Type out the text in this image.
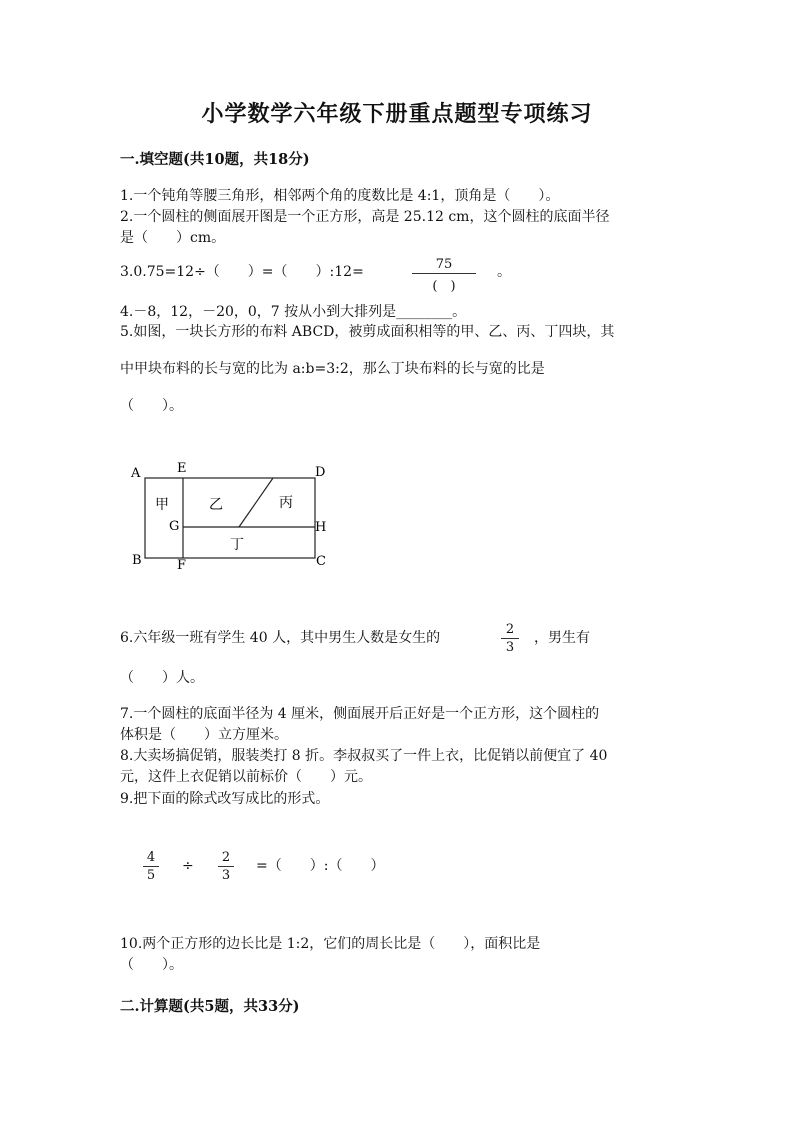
小学数学六年级下册重点题型专项练习
一.填空题(共10题，共18分)
1.一个钝角等腰三角形，相邻两个角的度数比是 4:1，顶角是（　　）。
2.一个圆柱的侧面展开图是一个正方形，高是 25.12 cm，这个圆柱的底面半径
是（　　）cm。
3.0.75=12÷（　　）=（　　）:12=	75
(　)
。
4.－8，12，－20，0，7 按从小到大排列是________。
5.如图，一块长方形的布料 ABCD，被剪成面积相等的甲、乙、丙、丁四块，其
中甲块布料的长与宽的比为 a:b=3:2，那么丁块布料的长与宽的比是
（　　）。
A	E	D
B	F	C
G	H
甲	乙	丙
丁
6.六年级一班有学生 40 人，其中男生人数是女生的
2
3
，男生有
（　　）人。
7.一个圆柱的底面半径为 4 厘米，侧面展开后正好是一个正方形，这个圆柱的
体积是（　　）立方厘米。
8.大卖场搞促销，服装类打 8 折。李叔叔买了一件上衣，比促销以前便宜了 40
元，这件上衣促销以前标价（　　）元。
9.把下面的除式改写成比的形式。
4
5
÷
2
3
=（　　）:（　　）
10.两个正方形的边长比是 1:2，它们的周长比是（　　），面积比是
（　　）。
二.计算题(共5题，共33分)
